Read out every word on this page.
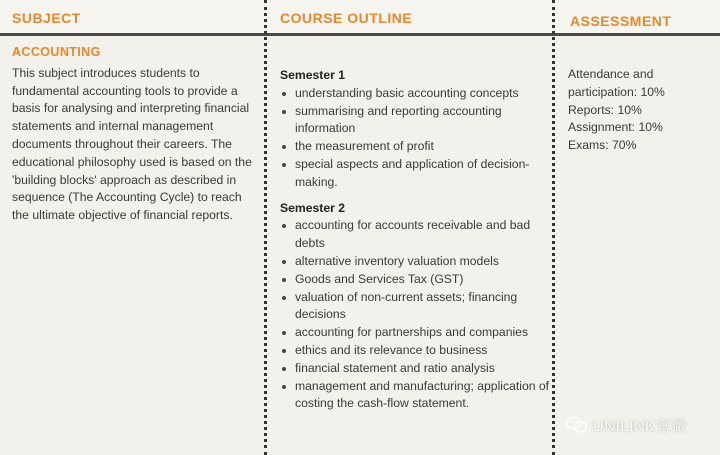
SUBJECT	COURSE OUTLINE	ASSESSMENT
ACCOUNTING

This subject introduces students to fundamental accounting tools to provide a basis for analysing and interpreting financial statements and internal management documents throughout their careers. The educational philosophy used is based on the 'building blocks' approach as described in sequence (The Accounting Cycle) to reach the ultimate objective of financial reports.

Semester 1

understanding basic accounting concepts
summarising and reporting accounting information
the measurement of profit
special aspects and application of decision-making.

Semester 2

accounting for accounts receivable and bad debts
alternative inventory valuation models
Goods and Services Tax (GST)
valuation of non-current assets; financing decisions
accounting for partnerships and companies
ethics and its relevance to business
financial statement and ratio analysis
management and manufacturing; application of costing the cash-flow statement.

Attendance and participation: 10%

Reports: 10%

Assignment: 10%

Exams: 70%

UNILINK官微
